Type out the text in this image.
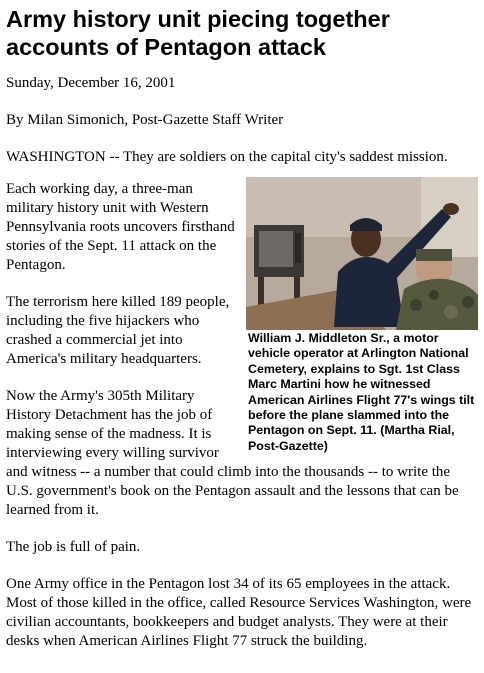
Army history unit piecing together accounts of Pentagon attack

Sunday, December 16, 2001

By Milan Simonich, Post-Gazette Staff Writer

WASHINGTON -- They are soldiers on the capital city's saddest mission.

William J. Middleton Sr., a motor vehicle operator at Arlington National Cemetery, explains to Sgt. 1st Class Marc Martini how he witnessed American Airlines Flight 77's wings tilt before the plane slammed into the Pentagon on Sept. 11. (Martha Rial, Post-Gazette)

Each working day, a three-man military history unit with Western Pennsylvania roots uncovers firsthand stories of the Sept. 11 attack on the Pentagon.

The terrorism here killed 189 people, including the five hijackers who crashed a commercial jet into America's military headquarters.

Now the Army's 305th Military History Detachment has the job of making sense of the madness. It is interviewing every willing survivor and witness -- a number that could climb into the thousands -- to write the U.S. government's book on the Pentagon assault and the lessons that can be learned from it.

The job is full of pain.

One Army office in the Pentagon lost 34 of its 65 employees in the attack. Most of those killed in the office, called Resource Services Washington, were civilian accountants, bookkeepers and budget analysts. They were at their desks when American Airlines Flight 77 struck the building.
